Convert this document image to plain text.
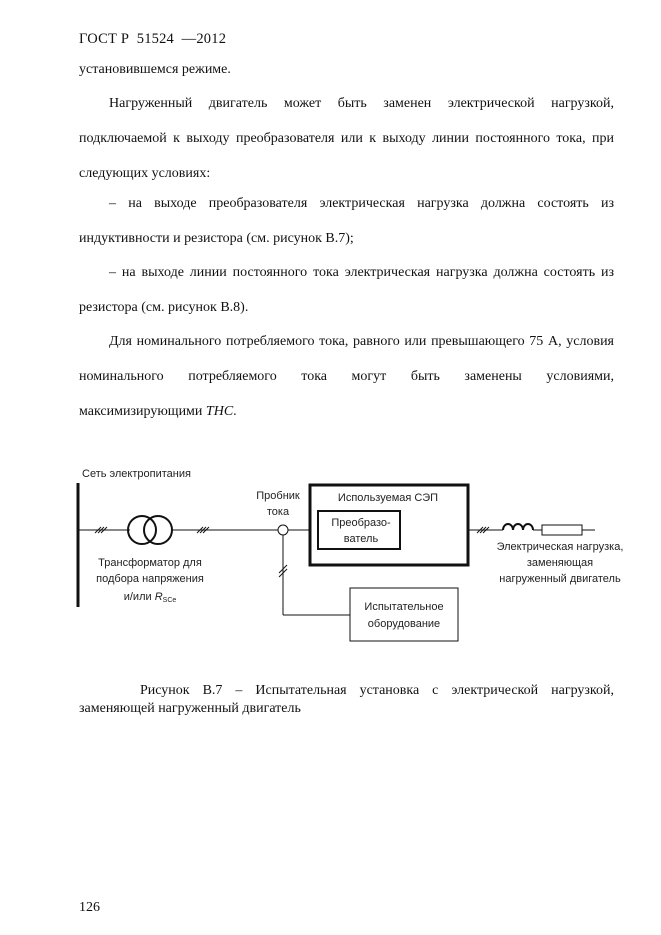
ГОСТ Р  51524  —2012
установившемся режиме.
Нагруженный двигатель может быть заменен электрической нагрузкой, подключаемой к выходу преобразователя или к выходу линии постоянного тока, при следующих условиях:
– на выходе преобразователя электрическая нагрузка должна состоять из индуктивности и резистора (см. рисунок В.7);
– на выходе линии постоянного тока электрическая нагрузка должна состоять из резистора (см. рисунок В.8).
Для номинального потребляемого тока, равного или превышающего 75 А, условия номинального потребляемого тока могут быть заменены условиями, максимизирующими THC.
Сеть электропитания
Трансформатор для
подбора напряжения
и/или RSCe
Пробник
тока
Используемая СЭП
Преобразо-
ватель
Электрическая нагрузка,
заменяющая
нагруженный двигатель
Испытательное
оборудование
Рисунок В.7 – Испытательная установка с электрической нагрузкой, заменяющей нагруженный двигатель
126
